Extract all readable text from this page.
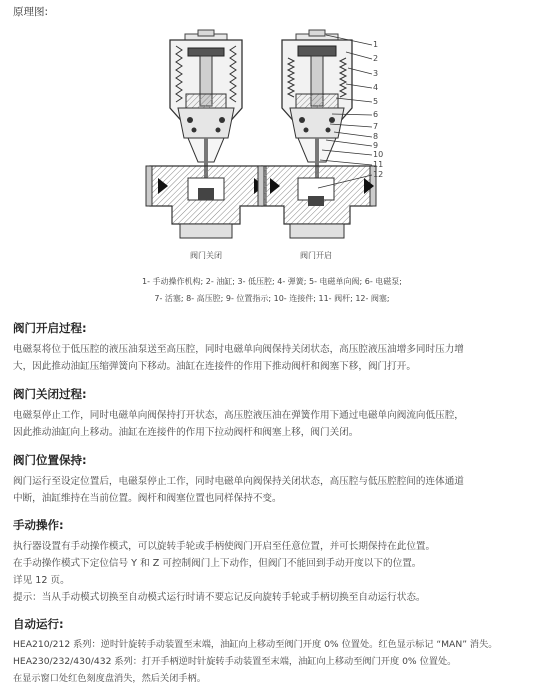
原理图:
1
2
3
4
5
6
7
8
9
10
11
12
阀门关闭	阀门开启
1- 手动操作机构; 2- 油缸; 3- 低压腔; 4- 弹簧; 5- 电磁单向阀; 6- 电磁泵;
7- 活塞; 8- 高压腔; 9- 位置指示; 10- 连接件; 11- 阀杆; 12- 阀塞;
阀门开启过程:

电磁泵将位于低压腔的液压油泵送至高压腔，同时电磁单向阀保持关闭状态，高压腔液压油增多同时压力增

大，因此推动油缸压缩弹簧向下移动。油缸在连接件的作用下推动阀杆和阀塞下移，阀门打开。

阀门关闭过程:

电磁泵停止工作，同时电磁单向阀保持打开状态，高压腔液压油在弹簧作用下通过电磁单向阀流向低压腔，

因此推动油缸向上移动。油缸在连接件的作用下拉动阀杆和阀塞上移，阀门关闭。

阀门位置保持:

阀门运行至设定位置后，电磁泵停止工作，同时电磁单向阀保持关闭状态，高压腔与低压腔腔间的连体通道

中断，油缸维持在当前位置。阀杆和阀塞位置也同样保持不变。

手动操作:

执行器设置有手动操作模式，可以旋转手轮或手柄使阀门开启至任意位置，并可长期保持在此位置。

在手动操作模式下定位信号 Y 和 Z 可控制阀门上下动作，但阀门不能回到手动开度以下的位置。

详见 12 页。

提示：当从手动模式切换至自动模式运行时请不要忘记反向旋转手轮或手柄切换至自动运行状态。

自动运行:

HEA210/212 系列：逆时针旋转手动装置至末端，油缸向上移动至阀门开度 0% 位置处。红色显示标记 “MAN” 消失。

HEA230/232/430/432 系列：打开手柄逆时针旋转手动装置至末端，油缸向上移动至阀门开度 0% 位置处。

在显示窗口处红色刻度盘消失，然后关闭手柄。
